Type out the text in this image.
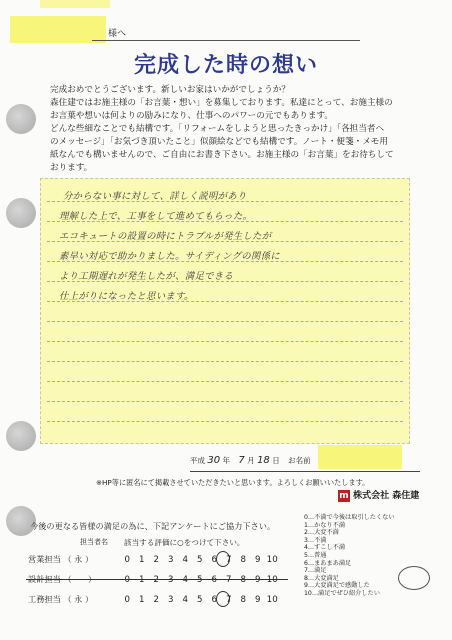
様へ
完成した時の想い

完成おめでとうございます。新しいお家はいかがでしょうか？

森住建ではお施主様の「お言葉・想い」を募集しております。私達にとって、お施主様の

お言葉や想いは何よりの励みになり、仕事へのパワーの元でもあります。

どんな些細なことでも結構です。「リフォームをしようと思ったきっかけ」「各担当者へ

のメッセージ」「お気づき頂いたこと」似顔絵などでも結構です。ノート・便箋・メモ用

紙なんでも構いませんので、ご自由にお書き下さい。お施主様の「お言葉」をお待ちして

おります。

分からない事に対して、詳しく説明があり
理解した上で、工事をして進めてもらった。
エコキュートの設置の時にトラブルが発生したが
素早い対応で助かりました。サイディングの関係に
より工期遅れが発生したが、満足できる
仕上がりになったと思います。
平成 30 年 7 月 18 日 お名前
※HP等に匿名にて掲載させていただきたいと思います。よろしくお願いいたします。
m 株式会社 森住建
今後の更なる皆様の満足の為に、下記アンケートにご協力下さい。
担当者名 該当する評価に○をつけて下さい。
営業担当 （ 永 ）	0 1 2 3 4 5 6 7 8 9 10
設計担当 （　　）	0 1 2 3 4 5 6 7 8 9 10
工務担当 （ 永 ）	0 1 2 3 4 5 6 7 8 9 10
0…不満で今後は取引したくない
1…かなり不満
2…大変不満
3…不満
4…すこし不満
5…普通
6…まあまあ満足
7…満足
8…大変満足
9…大変満足で感動した
10…満足でぜひ紹介したい
